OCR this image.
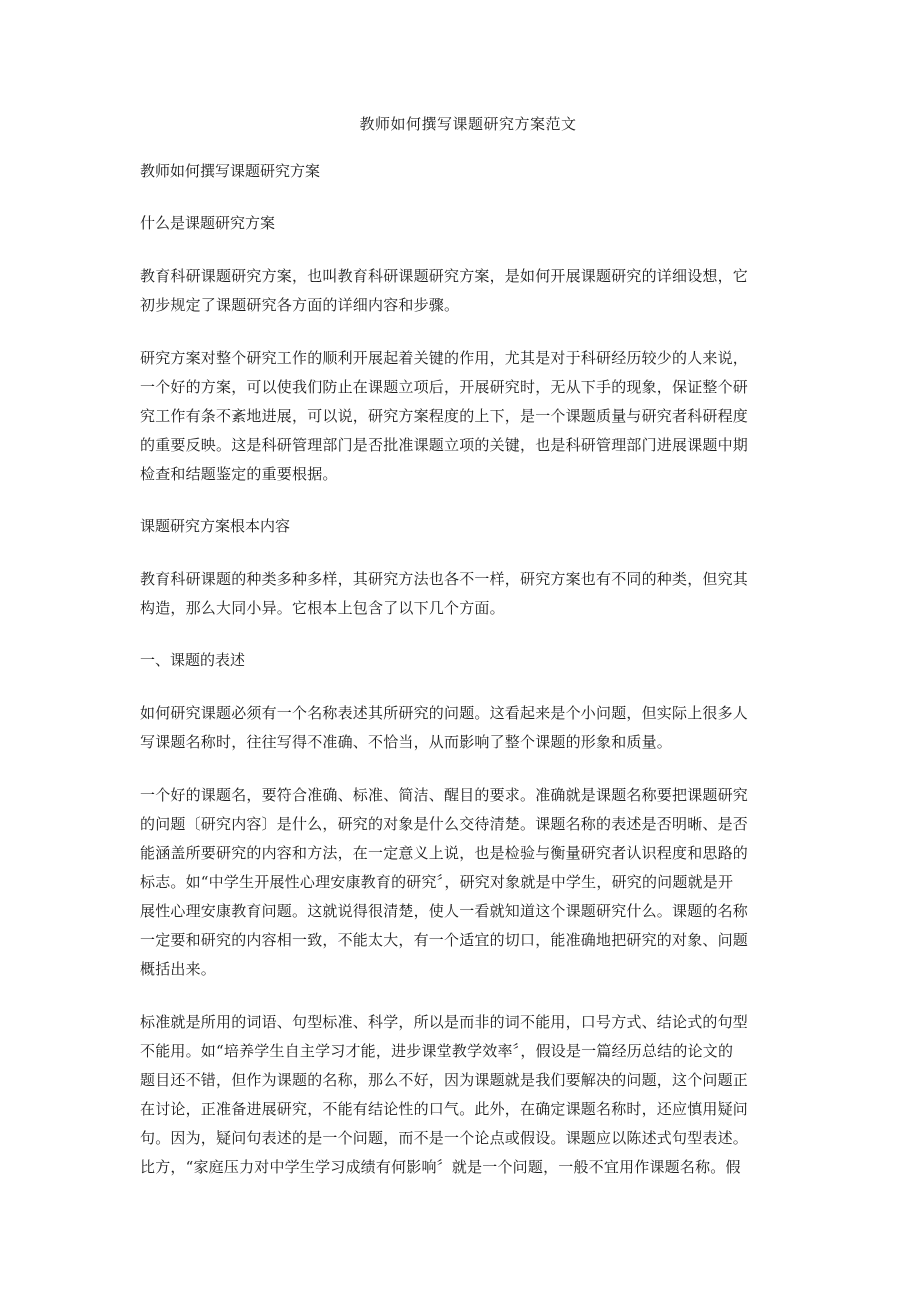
教师如何撰写课题研究方案范文
教师如何撰写课题研究方案
什么是课题研究方案
教育科研课题研究方案，也叫教育科研课题研究方案，是如何开展课题研究的详细设想，它
初步规定了课题研究各方面的详细内容和步骤。
研究方案对整个研究工作的顺利开展起着关键的作用，尤其是对于科研经历较少的人来说，
一个好的方案，可以使我们防止在课题立项后，开展研究时，无从下手的现象，保证整个研
究工作有条不紊地进展，可以说，研究方案程度的上下，是一个课题质量与研究者科研程度
的重要反映。这是科研管理部门是否批准课题立项的关键，也是科研管理部门进展课题中期
检查和结题鉴定的重要根据。
课题研究方案根本内容
教育科研课题的种类多种多样，其研究方法也各不一样，研究方案也有不同的种类，但究其
构造，那么大同小异。它根本上包含了以下几个方面。
一、课题的表述
如何研究课题必须有一个名称表述其所研究的问题。这看起来是个小问题，但实际上很多人
写课题名称时，往往写得不准确、不恰当，从而影响了整个课题的形象和质量。
一个好的课题名，要符合准确、标准、简洁、醒目的要求。准确就是课题名称要把课题研究
的问题〔研究内容〕是什么，研究的对象是什么交待清楚。课题名称的表述是否明晰、是否
能涵盖所要研究的内容和方法，在一定意义上说，也是检验与衡量研究者认识程度和思路的
标志。如“中学生开展性心理安康教育的研究〞，研究对象就是中学生，研究的问题就是开
展性心理安康教育问题。这就说得很清楚，使人一看就知道这个课题研究什么。课题的名称
一定要和研究的内容相一致，不能太大，有一个适宜的切口，能准确地把研究的对象、问题
概括出来。
标准就是所用的词语、句型标准、科学，所以是而非的词不能用，口号方式、结论式的句型
不能用。如“培养学生自主学习才能，进步课堂教学效率〞，假设是一篇经历总结的论文的
题目还不错，但作为课题的名称，那么不好，因为课题就是我们要解决的问题，这个问题正
在讨论，正准备进展研究，不能有结论性的口气。此外，在确定课题名称时，还应慎用疑问
句。因为，疑问句表述的是一个问题，而不是一个论点或假设。课题应以陈述式句型表述。
比方，“家庭压力对中学生学习成绩有何影响〞就是一个问题，一般不宜用作课题名称。假
